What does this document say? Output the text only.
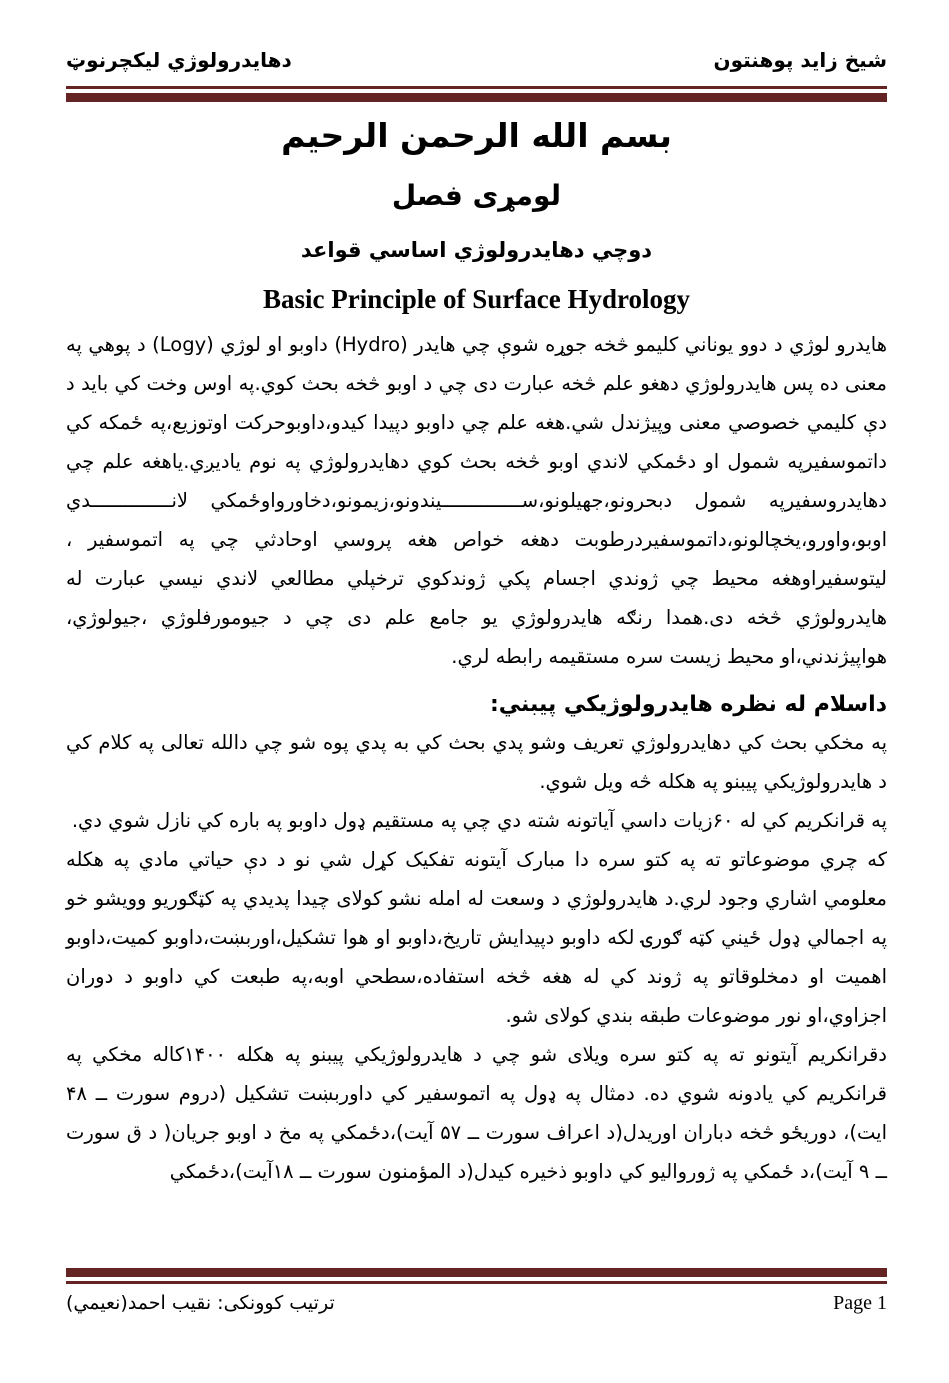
دهايدرولوژي ليکچرنوټ	شيخ زايد پوهنتون
بسم الله الرحمن الرحيم
لومړی فصل
دوچي دهايدرولوژي اساسي قواعد
Basic Principle of Surface Hydrology

هايدرو لوژي د دوو يوناني کليمو څخه جوړه شوې چي هايدر (Hydro) داوبو او لوژي (Logy) د پوهي په معنی ده پس هايدرولوژي دهغو علم څخه عبارت دی چي د اوبو څخه بحث کوي.په اوس وخت کي بايد د دې کليمي خصوصي معنی وپيژندل شي.هغه علم چي داوبو دپيدا کيدو،داوبوحرکت اوتوزيع،په ځمکه کي داتموسفيرپه شمول او دځمکي لاندي اوبو څخه بحث کوي دهايدرولوژي په نوم ياديږي.ياهغه علم چي دهايدروسفيرپه شمول دبحرونو،جهيلونو،ســــــــــــــيندونو،زيمونو،دخاورواوځمکي لانــــــــــــــدي اوبو،واورو،يخچالونو،داتموسفيردرطوبت دهغه خواص هغه پروسي اوحادثي چي په اتموسفير ، ليتوسفيراوهغه محيط چي ژوندي اجسام پکي ژوندکوي ترخپلي مطالعي لاندي نيسي عبارت له هايدرولوژي څخه دی.همدا رنګه هايدرولوژي يو جامع علم دی چي د جيومورفلوژي ،جيولوژي، هواپيژندني،او محيط زيست سره مستقيمه رابطه لري.

داسلام له نظره هايدرولوژيکي پيبني:

په مخکي بحث کي دهايدرولوژي تعريف وشو پدي بحث کي به پدي پوه شو چي دالله تعالی په کلام کي د هايدرولوژيکي پيبنو په هکله څه ويل شوي.

په قرانکريم کي له ۶۰زيات داسي آياتونه شته دي چي په مستقيم ډول داوبو په باره کي نازل شوي دي.

که چري موضوعاتو ته په کتو سره دا مبارک آيتونه تفکيک کړل شي نو د دې حياتي مادي په هکله معلومي اشاري وجود لري.د هايدرولوژي د وسعت له امله نشو کولای چيدا پديدي په کټګوريو وويشو خو په اجمالي ډول ځيني کټه ګورۍ لکه داوبو دپيدايش تاريخ،داوبو او هوا تشکيل،اوربښت،داوبو کميت،داوبو اهميت او دمخلوقاتو په ژوند کي له هغه څخه استفاده،سطحي اوبه،په طبعت کي داوبو د دوران اجزاوي،او نور موضوعات طبقه بندي کولای شو.

دقرانکريم آيتونو ته په کتو سره ويلای شو چي د هايدرولوژيکي پيبنو په هکله ۱۴۰۰کاله مخکي په قرانکريم کي يادونه شوي ده. دمثال په ډول په اتموسفير کي داوربښت تشکيل (دروم سورت ــ ۴۸ ايت)، دوريځو څخه دباران اوريدل(د اعراف سورت ــ ۵۷ آيت)،دځمکي په مخ د اوبو جريان( د ق سورت ــ ۹ آيت)،د ځمکي په ژورواليو کي داوبو ذخيره کيدل(د المؤمنون سورت ــ ۱۸آيت)،دځمکي

ترتيب کوونکی: نقيب احمد(نعيمي)	Page 1
